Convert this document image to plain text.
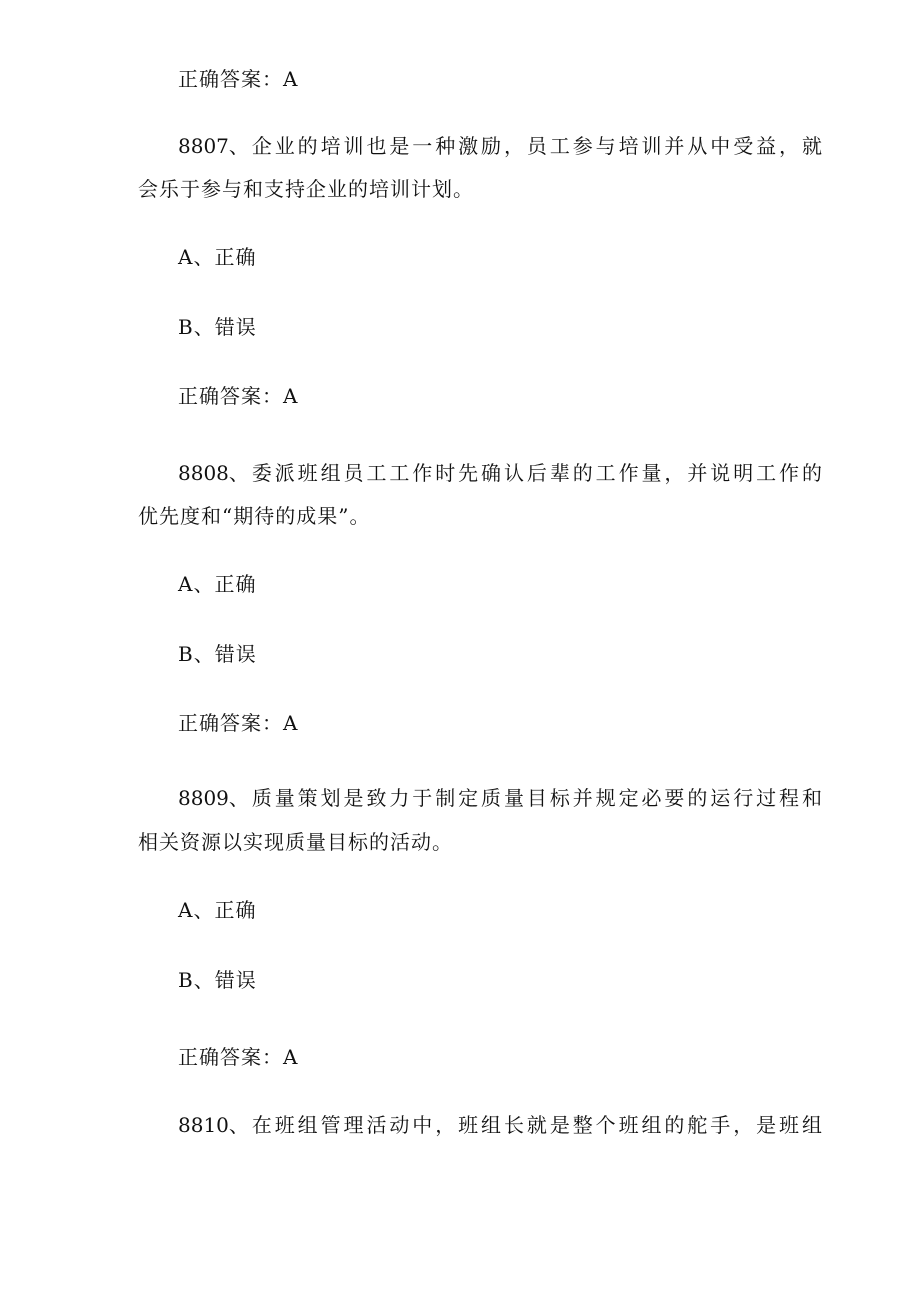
正确答案：A
8807、 企 业 的 培 训 也 是 一 种 激 励 ， 员 工 参 与 培 训 并 从 中 受 益 ， 就
会乐于参与和支持企业的培训计划。
A、正确
B、错误
正确答案：A
8808、 委 派 班 组 员 工 工 作 时 先 确 认 后 辈 的 工 作 量 ， 并 说 明 工 作 的
优先度和“期待的成果”。
A、正确
B、错误
正确答案：A
8809、 质 量 策 划 是 致 力 于 制 定 质 量 目 标 并 规 定 必 要 的 运 行 过 程 和
相关资源以实现质量目标的活动。
A、正确
B、错误
正确答案：A
8810、 在 班 组 管 理 活 动 中 ， 班 组 长 就 是 整 个 班 组 的 舵 手 ， 是 班 组
